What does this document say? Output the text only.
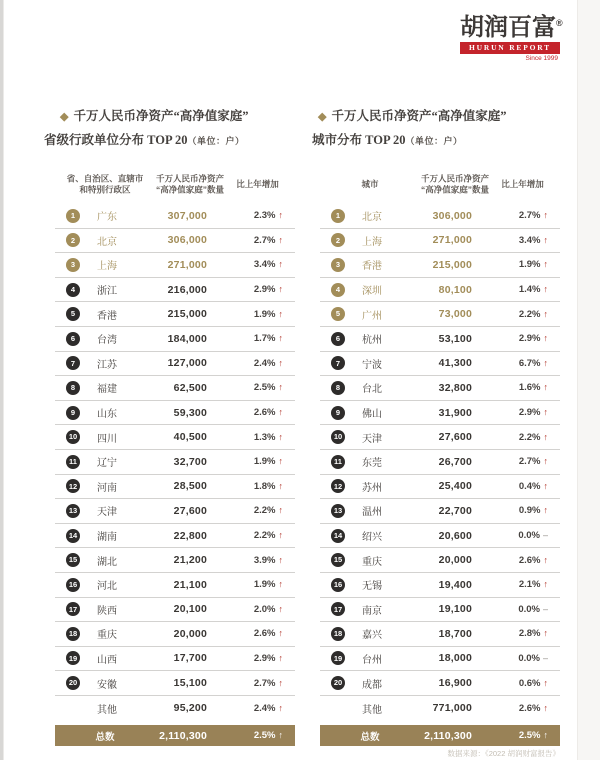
胡润百富®
HURUN REPORT
Since 1999
◆ 千万人民币净资产“高净值家庭”
省级行政单位分布 TOP 20（单位：户）
◆ 千万人民币净资产“高净值家庭”
城市分布 TOP 20（单位：户）
省、自治区、直辖市
和特别行政区
千万人民币净资产
“高净值家庭”数量
比上年增加
1	广东	307,000	2.3% ↑
2	北京	306,000	2.7% ↑
3	上海	271,000	3.4% ↑
4	浙江	216,000	2.9% ↑
5	香港	215,000	1.9% ↑
6	台湾	184,000	1.7% ↑
7	江苏	127,000	2.4% ↑
8	福建	62,500	2.5% ↑
9	山东	59,300	2.6% ↑
10	四川	40,500	1.3% ↑
11	辽宁	32,700	1.9% ↑
12	河南	28,500	1.8% ↑
13	天津	27,600	2.2% ↑
14	湖南	22,800	2.2% ↑
15	湖北	21,200	3.9% ↑
16	河北	21,100	1.9% ↑
17	陕西	20,100	2.0% ↑
18	重庆	20,000	2.6% ↑
19	山西	17,700	2.9% ↑
20	安徽	15,100	2.7% ↑
其他	95,200	2.4% ↑
总数	2,110,300	2.5% ↑
城市
千万人民币净资产
“高净值家庭”数量
比上年增加
1	北京	306,000	2.7% ↑
2	上海	271,000	3.4% ↑
3	香港	215,000	1.9% ↑
4	深圳	80,100	1.4% ↑
5	广州	73,000	2.2% ↑
6	杭州	53,100	2.9% ↑
7	宁波	41,300	6.7% ↑
8	台北	32,800	1.6% ↑
9	佛山	31,900	2.9% ↑
10	天津	27,600	2.2% ↑
11	东莞	26,700	2.7% ↑
12	苏州	25,400	0.4% ↑
13	温州	22,700	0.9% ↑
14	绍兴	20,600	0.0% –
15	重庆	20,000	2.6% ↑
16	无锡	19,400	2.1% ↑
17	南京	19,100	0.0% –
18	嘉兴	18,700	2.8% ↑
19	台州	18,000	0.0% –
20	成都	16,900	0.6% ↑
其他	771,000	2.6% ↑
总数	2,110,300	2.5% ↑
数据来源：《2022 胡润财富报告》
